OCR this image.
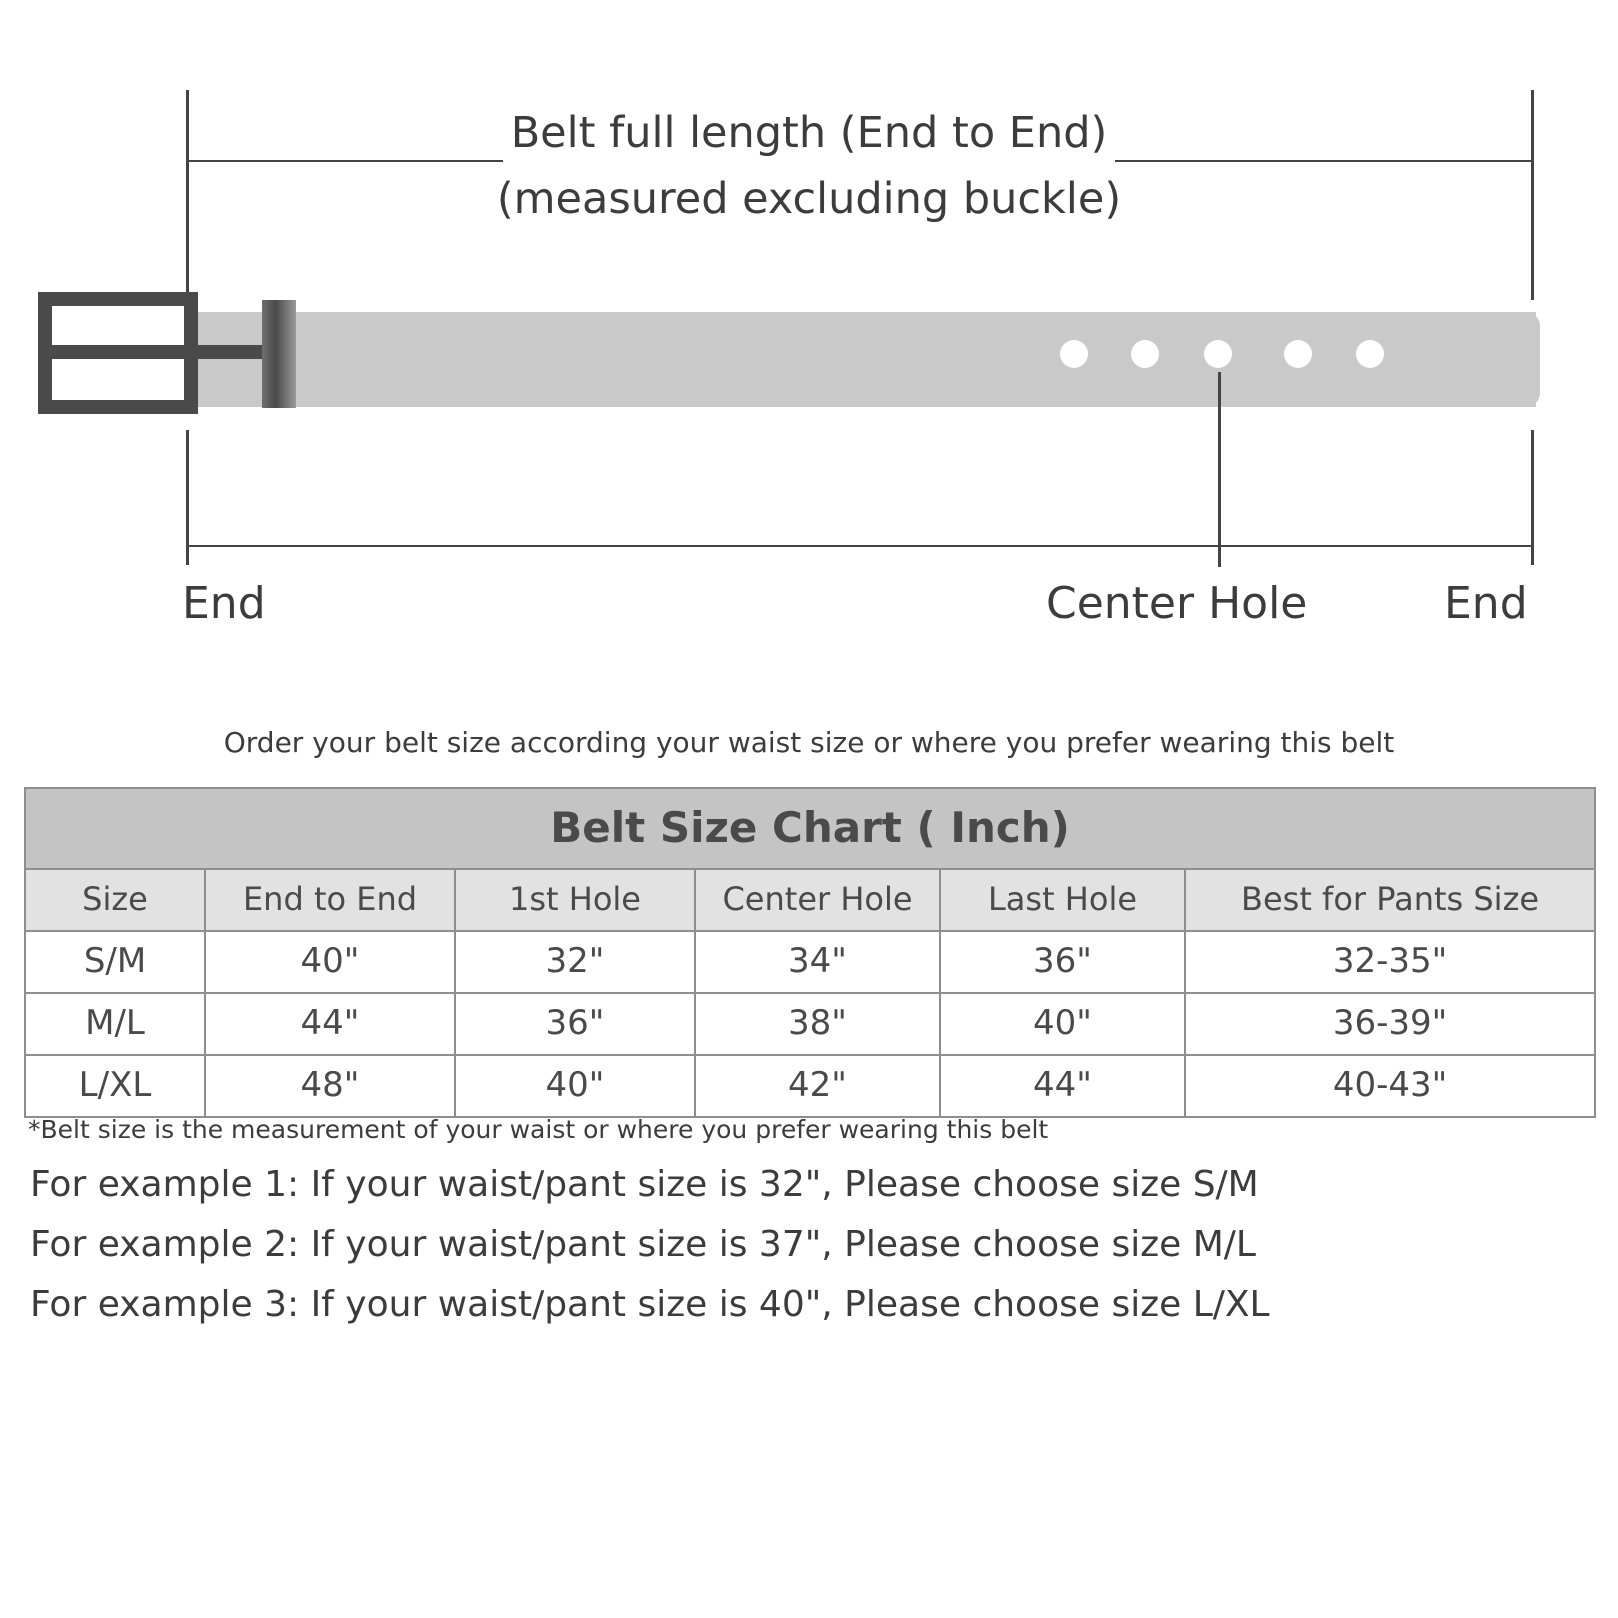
Belt full length (End to End)
(measured excluding buckle)
End	Center Hole	End
Order your belt size according your waist size or where you prefer wearing this belt
Belt Size Chart ( Inch)					
Size	End to End	1st Hole	Center Hole	Last Hole	Best for Pants Size
S/M	40"	32"	34"	36"	32-35"
M/L	44"	36"	38"	40"	36-39"
L/XL	48"	40"	42"	44"	40-43"
*Belt size is the measurement of your waist or where you prefer wearing this belt
For example 1: If your waist/pant size is 32", Please choose size S/M
For example 2: If your waist/pant size is 37", Please choose size M/L
For example 3: If your waist/pant size is 40", Please choose size L/XL
